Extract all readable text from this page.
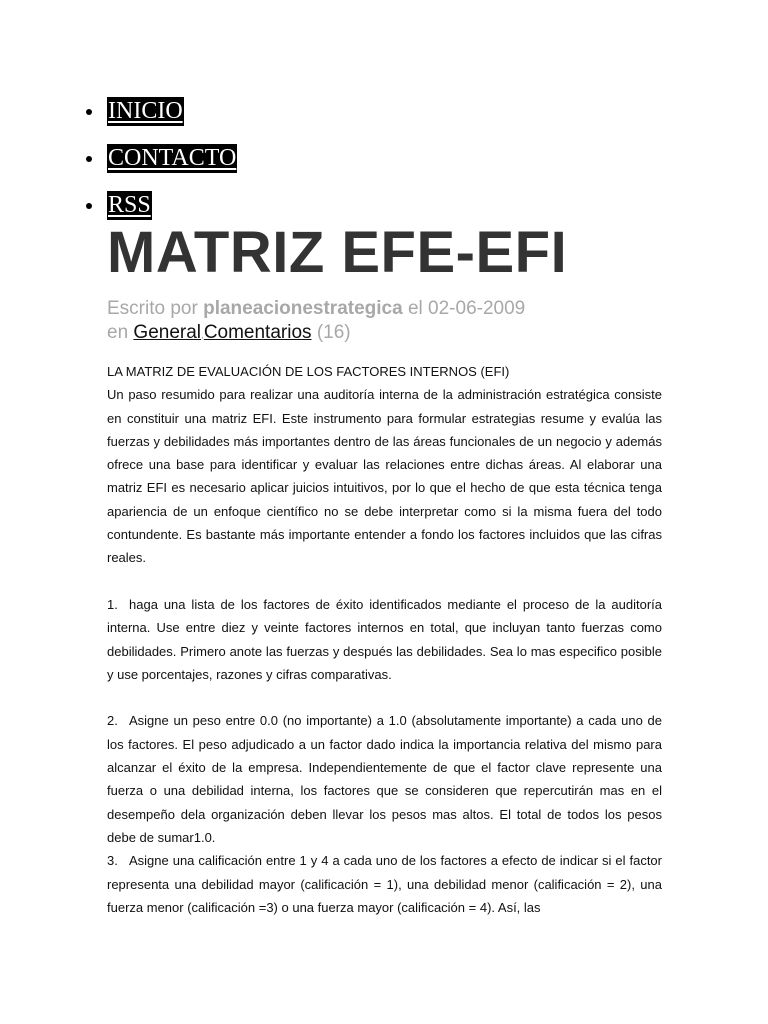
INICIO
CONTACTO
RSS
MATRIZ EFE-EFI
Escrito por planeacionestrategica el 02-06-2009
en General,Comentarios (16)

LA MATRIZ DE EVALUACIÓN DE LOS FACTORES INTERNOS (EFI)

Un paso resumido para realizar una auditoría interna de la administración estratégica consiste en constituir una matriz EFI. Este instrumento para formular estrategias resume y evalúa las fuerzas y debilidades más importantes dentro de las áreas funcionales de un negocio y además ofrece una base para identificar y evaluar las relaciones entre dichas áreas. Al elaborar una matriz EFI es necesario aplicar juicios intuitivos, por lo que el hecho de que esta técnica tenga apariencia de un enfoque científico no se debe interpretar como si la misma fuera del todo contundente. Es bastante más importante entender a fondo los factores incluidos que las cifras reales.

1. haga una lista de los factores de éxito identificados mediante el proceso de la auditoría interna. Use entre diez y veinte factores internos en total, que incluyan tanto fuerzas como debilidades. Primero anote las fuerzas y después las debilidades. Sea lo mas especifico posible y use porcentajes, razones y cifras comparativas.

2. Asigne un peso entre 0.0 (no importante) a 1.0 (absolutamente importante) a cada uno de los factores. El peso adjudicado a un factor dado indica la importancia relativa del mismo para alcanzar el éxito de la empresa. Independientemente de que el factor clave represente una fuerza o una debilidad interna, los factores que se consideren que repercutirán mas en el desempeño dela organización deben llevar los pesos mas altos. El total de todos los pesos debe de sumar1.0.

3. Asigne una calificación entre 1 y 4 a cada uno de los factores a efecto de indicar si el factor representa una debilidad mayor (calificación = 1), una debilidad menor (calificación = 2), una fuerza menor (calificación =3) o una fuerza mayor (calificación = 4). Así, las
